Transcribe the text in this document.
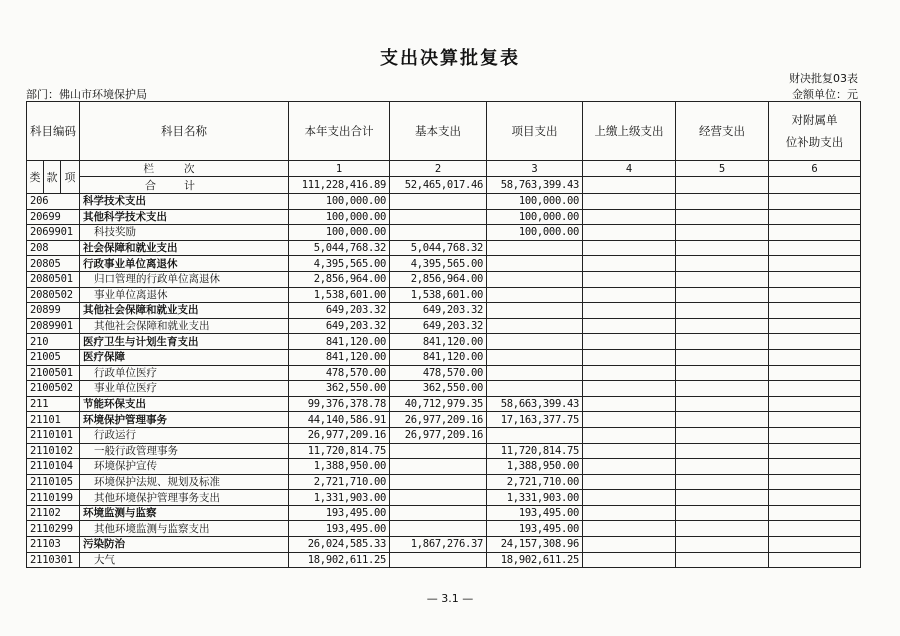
支出决算批复表
财决批复03表
部门：佛山市环境保护局	金额单位：元
科目编码			科目名称	本年支出合计	基本支出	项目支出	上缴上级支出	经营支出	对附属单
位补助支出

类	款	项	栏次	1	2	3	4	5	6
			合计	111,228,416.89	52,465,017.46	58,763,399.43			
206			科学技术支出	100,000.00		100,000.00			
20699			其他科学技术支出	100,000.00		100,000.00			
2069901			科技奖励	100,000.00		100,000.00			
208			社会保障和就业支出	5,044,768.32	5,044,768.32				
20805			行政事业单位离退休	4,395,565.00	4,395,565.00				
2080501			归口管理的行政单位离退休	2,856,964.00	2,856,964.00				
2080502			事业单位离退休	1,538,601.00	1,538,601.00				
20899			其他社会保障和就业支出	649,203.32	649,203.32				
2089901			其他社会保障和就业支出	649,203.32	649,203.32				
210			医疗卫生与计划生育支出	841,120.00	841,120.00				
21005			医疗保障	841,120.00	841,120.00				
2100501			行政单位医疗	478,570.00	478,570.00				
2100502			事业单位医疗	362,550.00	362,550.00				
211			节能环保支出	99,376,378.78	40,712,979.35	58,663,399.43			
21101			环境保护管理事务	44,140,586.91	26,977,209.16	17,163,377.75			
2110101			行政运行	26,977,209.16	26,977,209.16				
2110102			一般行政管理事务	11,720,814.75		11,720,814.75			
2110104			环境保护宣传	1,388,950.00		1,388,950.00			
2110105			环境保护法规、规划及标准	2,721,710.00		2,721,710.00			
2110199			其他环境保护管理事务支出	1,331,903.00		1,331,903.00			
21102			环境监测与监察	193,495.00		193,495.00			
2110299			其他环境监测与监察支出	193,495.00		193,495.00			
21103			污染防治	26,024,585.33	1,867,276.37	24,157,308.96			
2110301			大气	18,902,611.25		18,902,611.25			
— 3.1 —
